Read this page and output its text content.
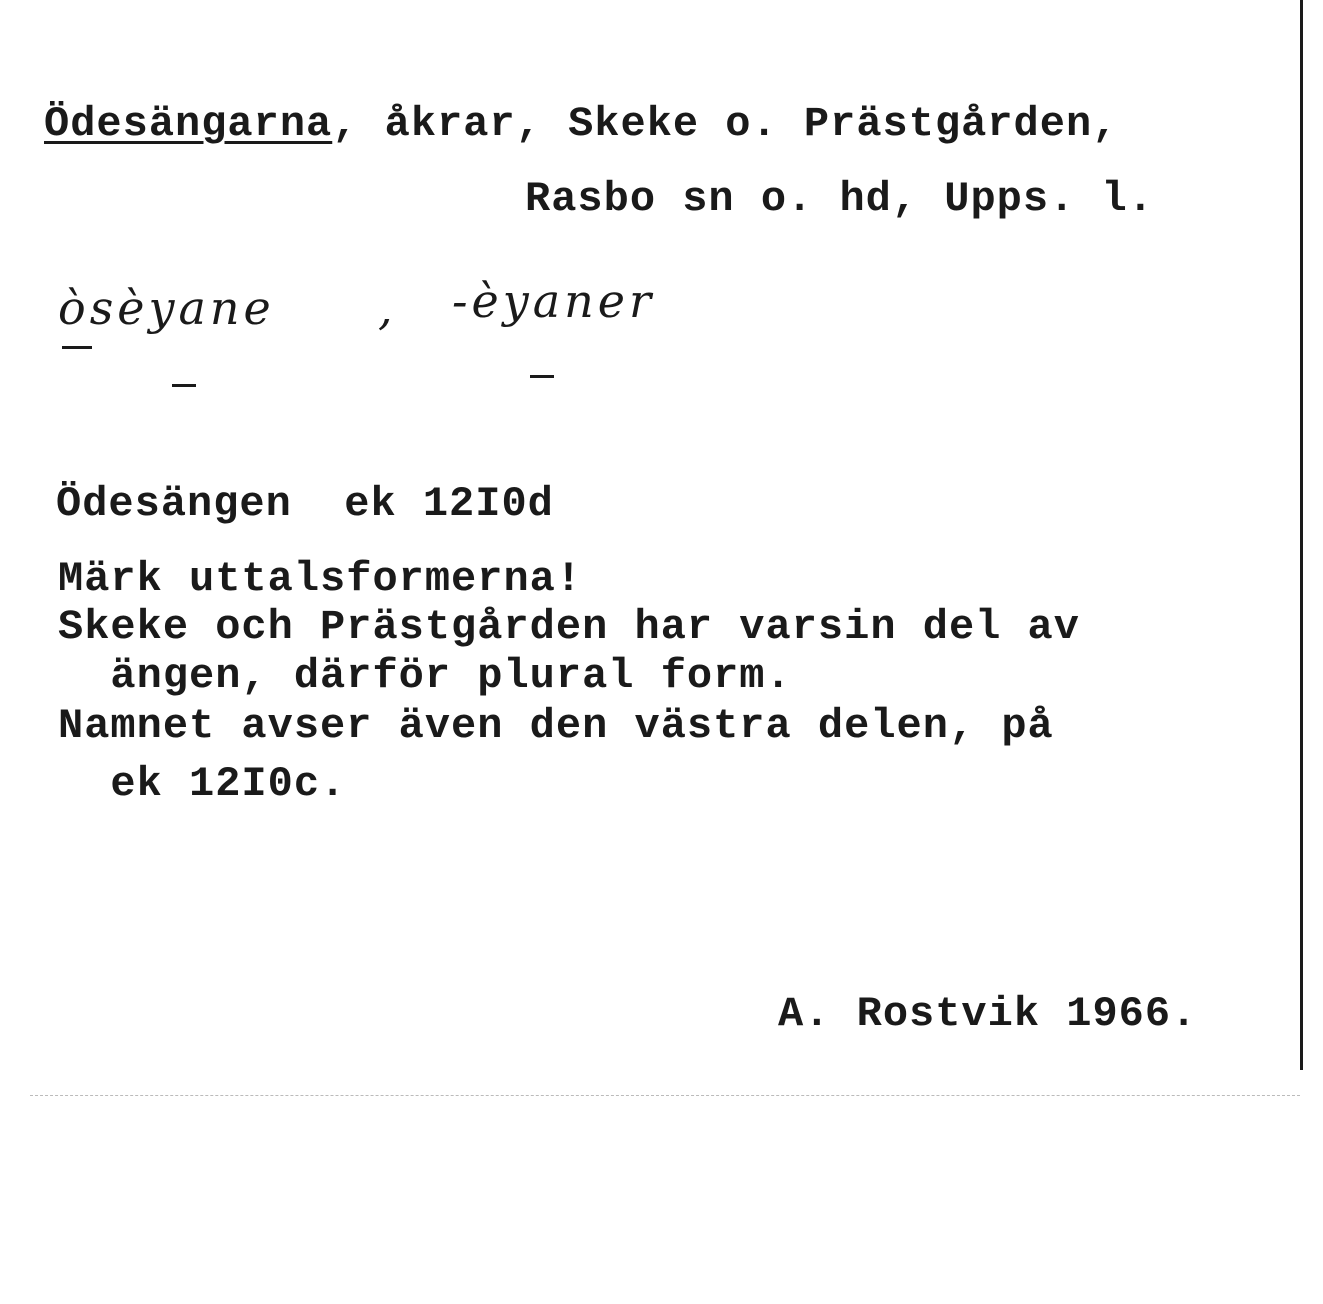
Ödesängarna, åkrar, Skeke o. Prästgården,
Rasbo sn o. hd, Upps. l.
òsèyane , -èyaner
Ödesängen  ek 12I0d
Märk uttalsformerna!
Skeke och Prästgården har varsin del av
ängen, därför plural form.
Namnet avser även den västra delen, på
ek 12I0c.
A. Rostvik 1966.
